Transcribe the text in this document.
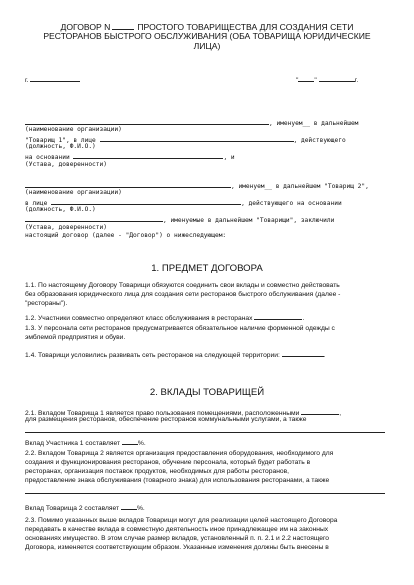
ДОГОВОР N	ПРОСТОГО ТОВАРИЩЕСТВА ДЛЯ СОЗДАНИЯ СЕТИ
РЕСТОРАНОВ БЫСТРОГО ОБСЛУЖИВАНИЯ (ОБА ТОВАРИЩА ЮРИДИЧЕСКИЕ
ЛИЦА)
г.	" "	г.
, именуем__ в дальнейшем
(наименование организации)
"Товарищ 1", в лице	, действующего
(должность, Ф.И.О.)
на основании	, и
(Устава, доверенности)
, именуем__ в дальнейшем "Товарищ 2",
(наименование организации)
в лице	, действующего на основании
(должность, Ф.И.О.)
, именуемые в дальнейшем "Товарищи", заключили
(Устава, доверенности)
настоящий договор (далее - "Договор") о нижеследующем:
1. ПРЕДМЕТ ДОГОВОРА
1.1. По настоящему Договору Товарищи обязуются соединить свои вклады и совместно действовать
без образования юридического лица для создания сети ресторанов быстрого обслуживания (далее -
"рестораны").
1.2. Участники совместно определяют класс обслуживания в ресторанах	.
1.3. У персонала сети ресторанов предусматривается обязательное наличие форменной одежды с
эмблемой предприятия и обуви.
1.4. Товарищи условились развивать сеть ресторанов на следующей территории:	.
2. ВКЛАДЫ ТОВАРИЩЕЙ
2.1. Вкладом Товарища 1 является право пользования помещениями, расположенными	,
для размещения ресторанов, обеспечение ресторанов коммунальными услугами, а также
Вклад Участника 1 составляет	%.
2.2. Вкладом Товарища 2 является организация предоставления оборудования, необходимого для
создания и функционирования ресторанов, обучение персонала, который будет работать в
ресторанах, организация поставок продуктов, необходимых для работы ресторанов,
предоставление знака обслуживания (товарного знака) для использования ресторанами, а также
Вклад Товарища 2 составляет	%.
2.3. Помимо указанных выше вкладов Товарищи могут для реализации целей настоящего Договора
передавать в качестве вклада в совместную деятельность иное принадлежащее им на законных
основаниях имущество. В этом случае размер вкладов, установленный п. п. 2.1 и 2.2 настоящего
Договора, изменяется соответствующим образом. Указанные изменения должны быть внесены в
